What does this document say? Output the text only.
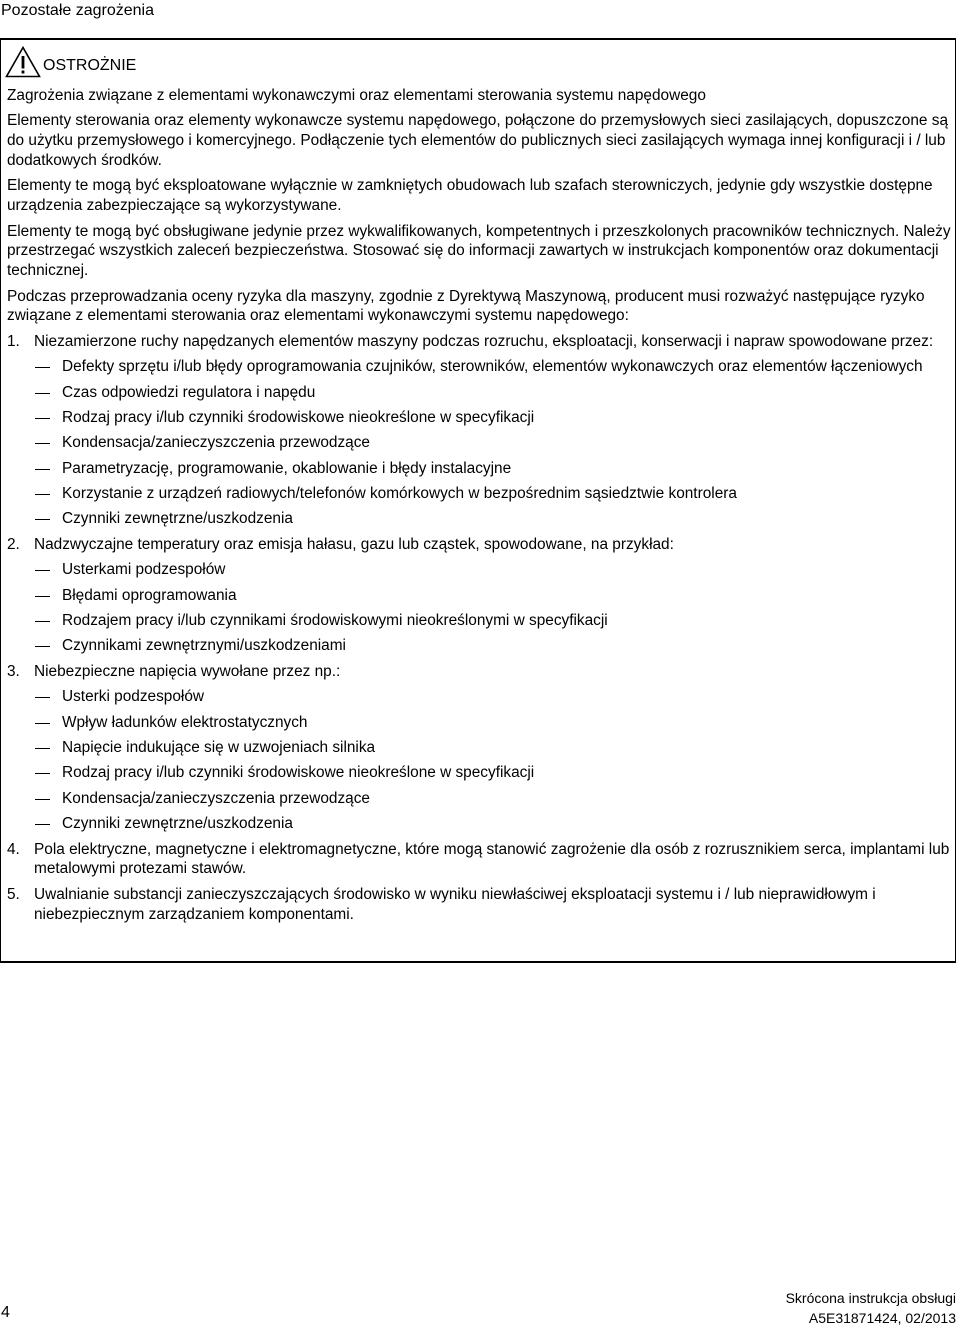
Pozostałe zagrożenia
OSTROŻNIE

Zagrożenia związane z elementami wykonawczymi oraz elementami sterowania systemu napędowego

Elementy sterowania oraz elementy wykonawcze systemu napędowego, połączone do przemysłowych sieci zasilających, dopuszczone są do użytku przemysłowego i komercyjnego. Podłączenie tych elementów do publicznych sieci zasilających wymaga innej konfiguracji i / lub dodatkowych środków.

Elementy te mogą być eksploatowane wyłącznie w zamkniętych obudowach lub szafach sterowniczych, jedynie gdy wszystkie dostępne urządzenia zabezpieczające są wykorzystywane.

Elementy te mogą być obsługiwane jedynie przez wykwalifikowanych, kompetentnych i przeszkolonych pracowników technicznych. Należy przestrzegać wszystkich zaleceń bezpieczeństwa. Stosować się do informacji zawartych w instrukcjach komponentów oraz dokumentacji technicznej.

Podczas przeprowadzania oceny ryzyka dla maszyny, zgodnie z Dyrektywą Maszynową, producent musi rozważyć następujące ryzyko związane z elementami sterowania oraz elementami wykonawczymi systemu napędowego:

1. Niezamierzone ruchy napędzanych elementów maszyny podczas rozruchu, eksploatacji, konserwacji i napraw spowodowane przez:
Defekty sprzętu i/lub błędy oprogramowania czujników, sterowników, elementów wykonawczych oraz elementów łączeniowych
Czas odpowiedzi regulatora i napędu
Rodzaj pracy i/lub czynniki środowiskowe nieokreślone w specyfikacji
Kondensacja/zanieczyszczenia przewodzące
Parametryzację, programowanie, okablowanie i błędy instalacyjne
Korzystanie z urządzeń radiowych/telefonów komórkowych w bezpośrednim sąsiedztwie kontrolera
Czynniki zewnętrzne/uszkodzenia
2. Nadzwyczajne temperatury oraz emisja hałasu, gazu lub cząstek, spowodowane, na przykład:
Usterkami podzespołów
Błędami oprogramowania
Rodzajem pracy i/lub czynnikami środowiskowymi nieokreślonymi w specyfikacji
Czynnikami zewnętrznymi/uszkodzeniami
3. Niebezpieczne napięcia wywołane przez np.:
Usterki podzespołów
Wpływ ładunków elektrostatycznych
Napięcie indukujące się w uzwojeniach silnika
Rodzaj pracy i/lub czynniki środowiskowe nieokreślone w specyfikacji
Kondensacja/zanieczyszczenia przewodzące
Czynniki zewnętrzne/uszkodzenia
4. Pola elektryczne, magnetyczne i elektromagnetyczne, które mogą stanowić zagrożenie dla osób z rozrusznikiem serca, implantami lub metalowymi protezami stawów.
5. Uwalnianie substancji zanieczyszczających środowisko w wyniku niewłaściwej eksploatacji systemu i / lub nieprawidłowym i niebezpiecznym zarządzaniem komponentami.
4
Skrócona instrukcja obsługi
A5E31871424, 02/2013
